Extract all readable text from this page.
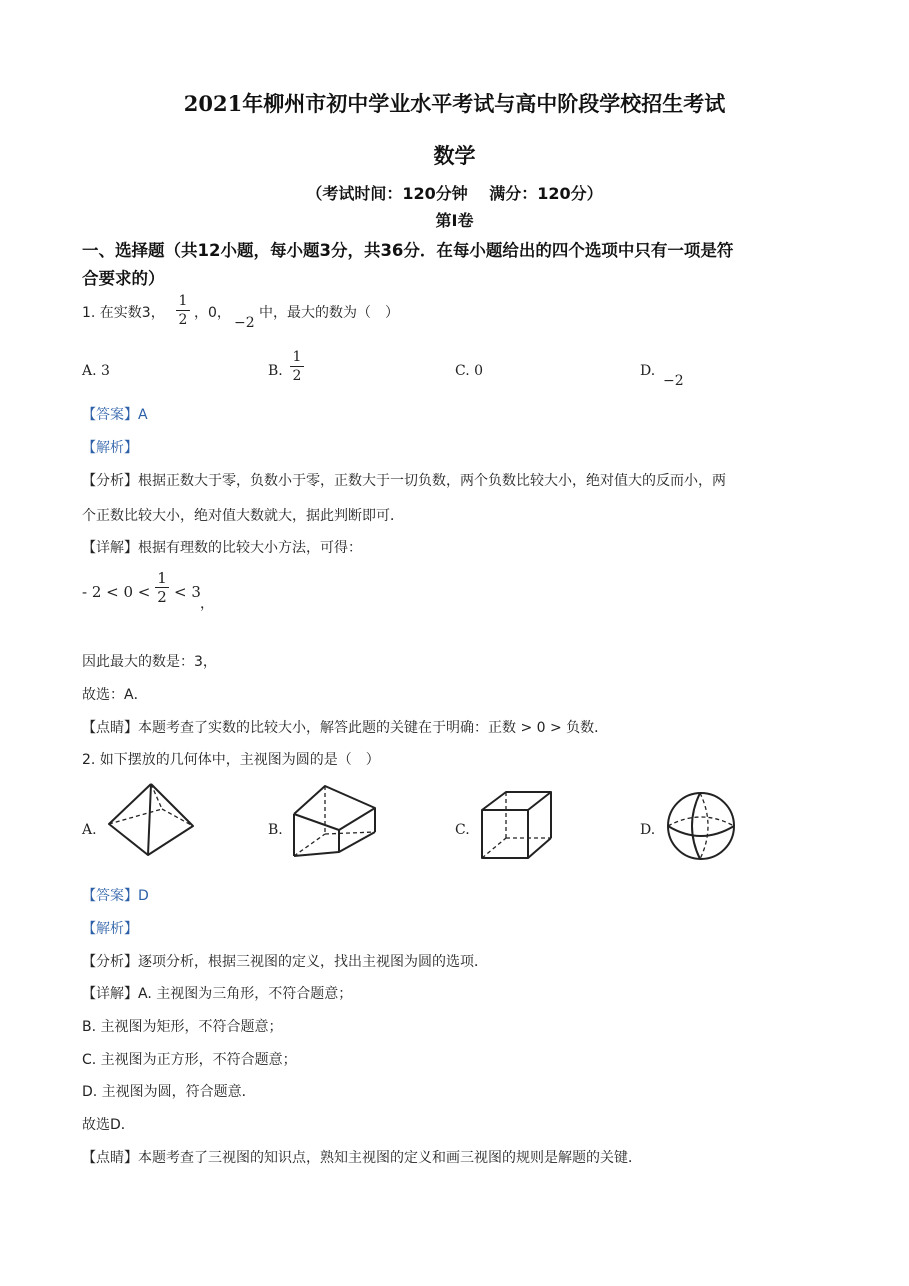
2021年柳州市初中学业水平考试与高中阶段学校招生考试
数学
（考试时间：120分钟　 满分：120分）
第I卷
一、选择题（共12小题，每小题3分，共36分．在每小题给出的四个选项中只有一项是符
合要求的）
1. 在实数3，
1
2 ，0，
−2
中，最大的数为（　）
A. 3	B.
1
2	C. 0	D.
−2
【答案】A
【解析】
【分析】根据正数大于零，负数小于零，正数大于一切负数，两个负数比较大小，绝对值大的反而小，两
个正数比较大小，绝对值大数就大，据此判断即可．
【详解】根据有理数的比较大小方法，可得：
- 2 < 0 <
1
2 < 3
，
因此最大的数是：3，
故选：A．
【点睛】本题考查了实数的比较大小，解答此题的关键在于明确：正数 > 0 > 负数．
2. 如下摆放的几何体中，主视图为圆的是（　）
A.	B.	C.	D.
【答案】D
【解析】
【分析】逐项分析，根据三视图的定义，找出主视图为圆的选项．
【详解】A. 主视图为三角形，不符合题意；
B. 主视图为矩形，不符合题意；
C. 主视图为正方形，不符合题意；
D. 主视图为圆，符合题意．
故选D．
【点睛】本题考查了三视图的知识点，熟知主视图的定义和画三视图的规则是解题的关键．
